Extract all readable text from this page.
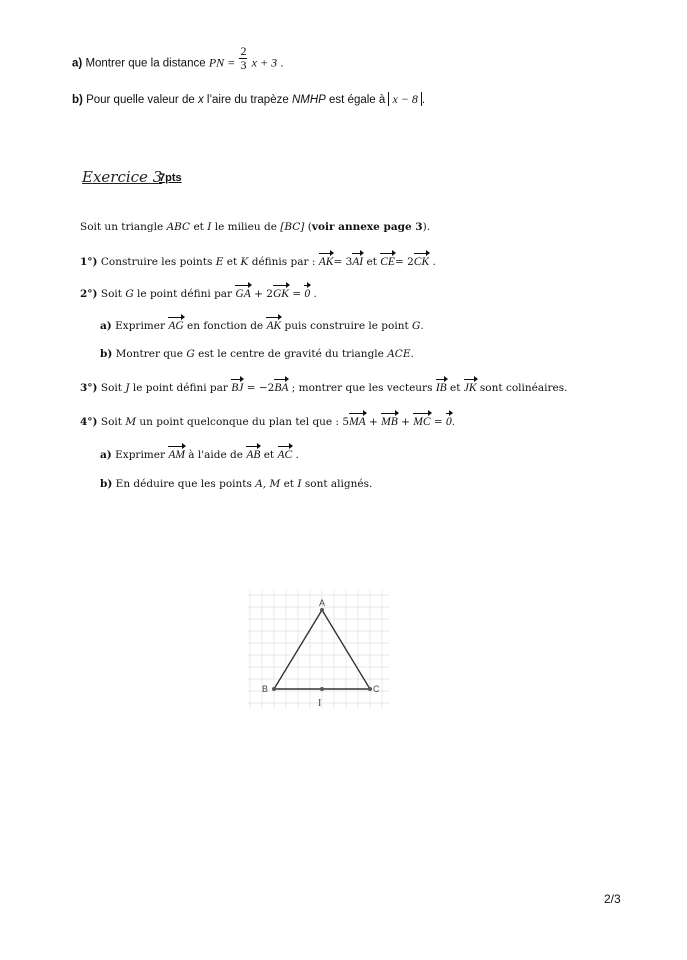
a) Montrer que la distance PN = $\frac{2}{3}$ x + 3 .
b) Pour quelle valeur de x l’aire du trapèze NMHP est égale à x − 8 .
Exercice 3
7pts
Soit un triangle ABC et I le milieu de [BC] (voir annexe page 3).
1°) Construire les points E et K définis par : AK= 3AI et CE= 2CK .
2°) Soit G le point défini par GA + 2GK = 0 .
a) Exprimer AG en fonction de AK puis construire le point G.
b) Montrer que G est le centre de gravité du triangle ACE.
3°) Soit J le point défini par BJ = −2BA ; montrer que les vecteurs IB et JK sont colinéaires.
4°) Soit M un point quelconque du plan tel que : 5MA + MB + MC = 0.
a) Exprimer AM à l'aide de AB et AC .
b) En déduire que les points A, M et I sont alignés.
A
B	C
I
2/3
